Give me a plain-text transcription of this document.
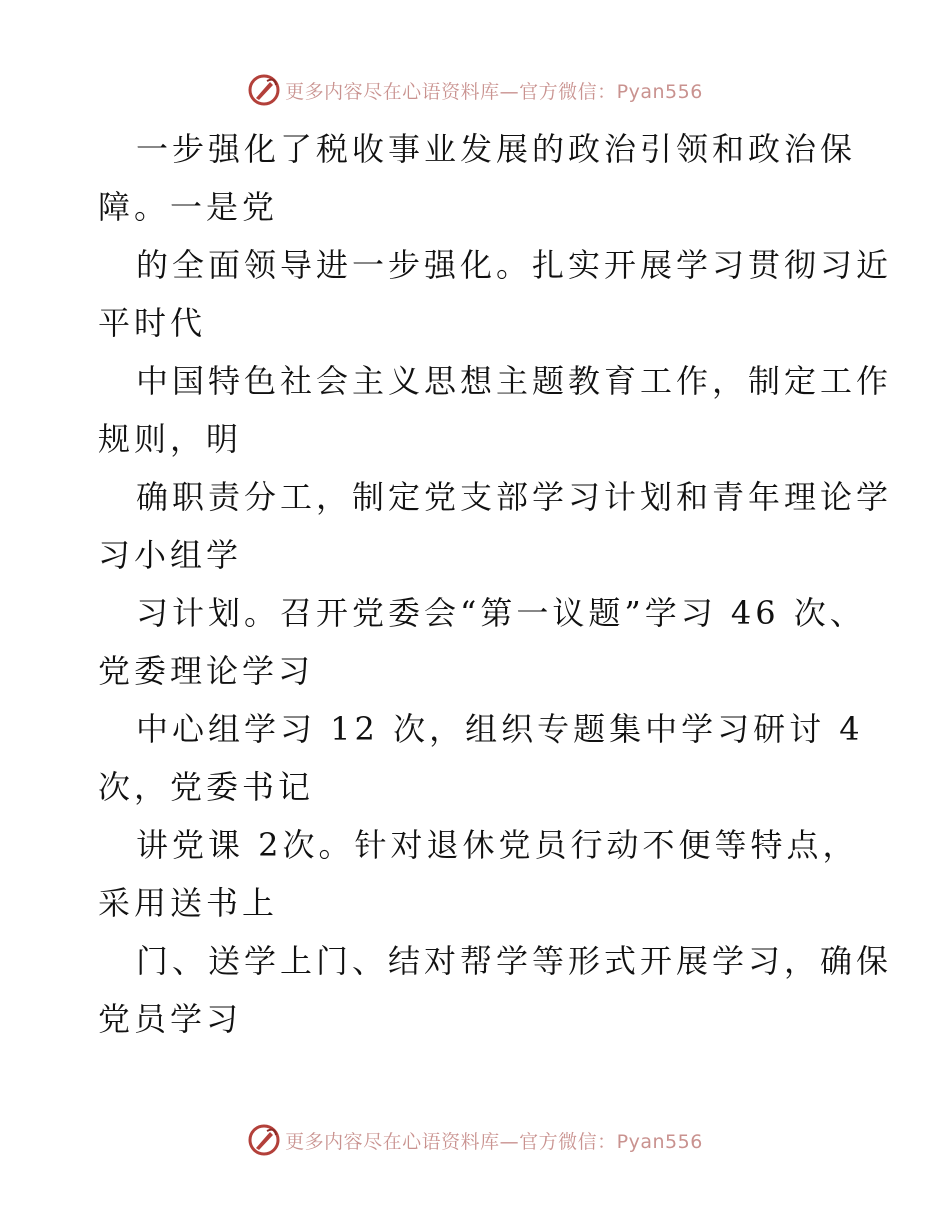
更多内容尽在心语资料库—官方微信：Pyan556
一步强化了税收事业发展的政治引领和政治保
障。一是党
的全面领导进一步强化。扎实开展学习贯彻习近
平时代
中国特色社会主义思想主题教育工作，制定工作
规则，明
确职责分工，制定党支部学习计划和青年理论学
习小组学
习计划。召开党委会“第一议题”学习 46 次、
党委理论学习
中心组学习 12 次，组织专题集中学习研讨 4
次，党委书记
讲党课 2次。针对退休党员行动不便等特点，
采用送书上
门、送学上门、结对帮学等形式开展学习，确保
党员学习
更多内容尽在心语资料库—官方微信：Pyan556
